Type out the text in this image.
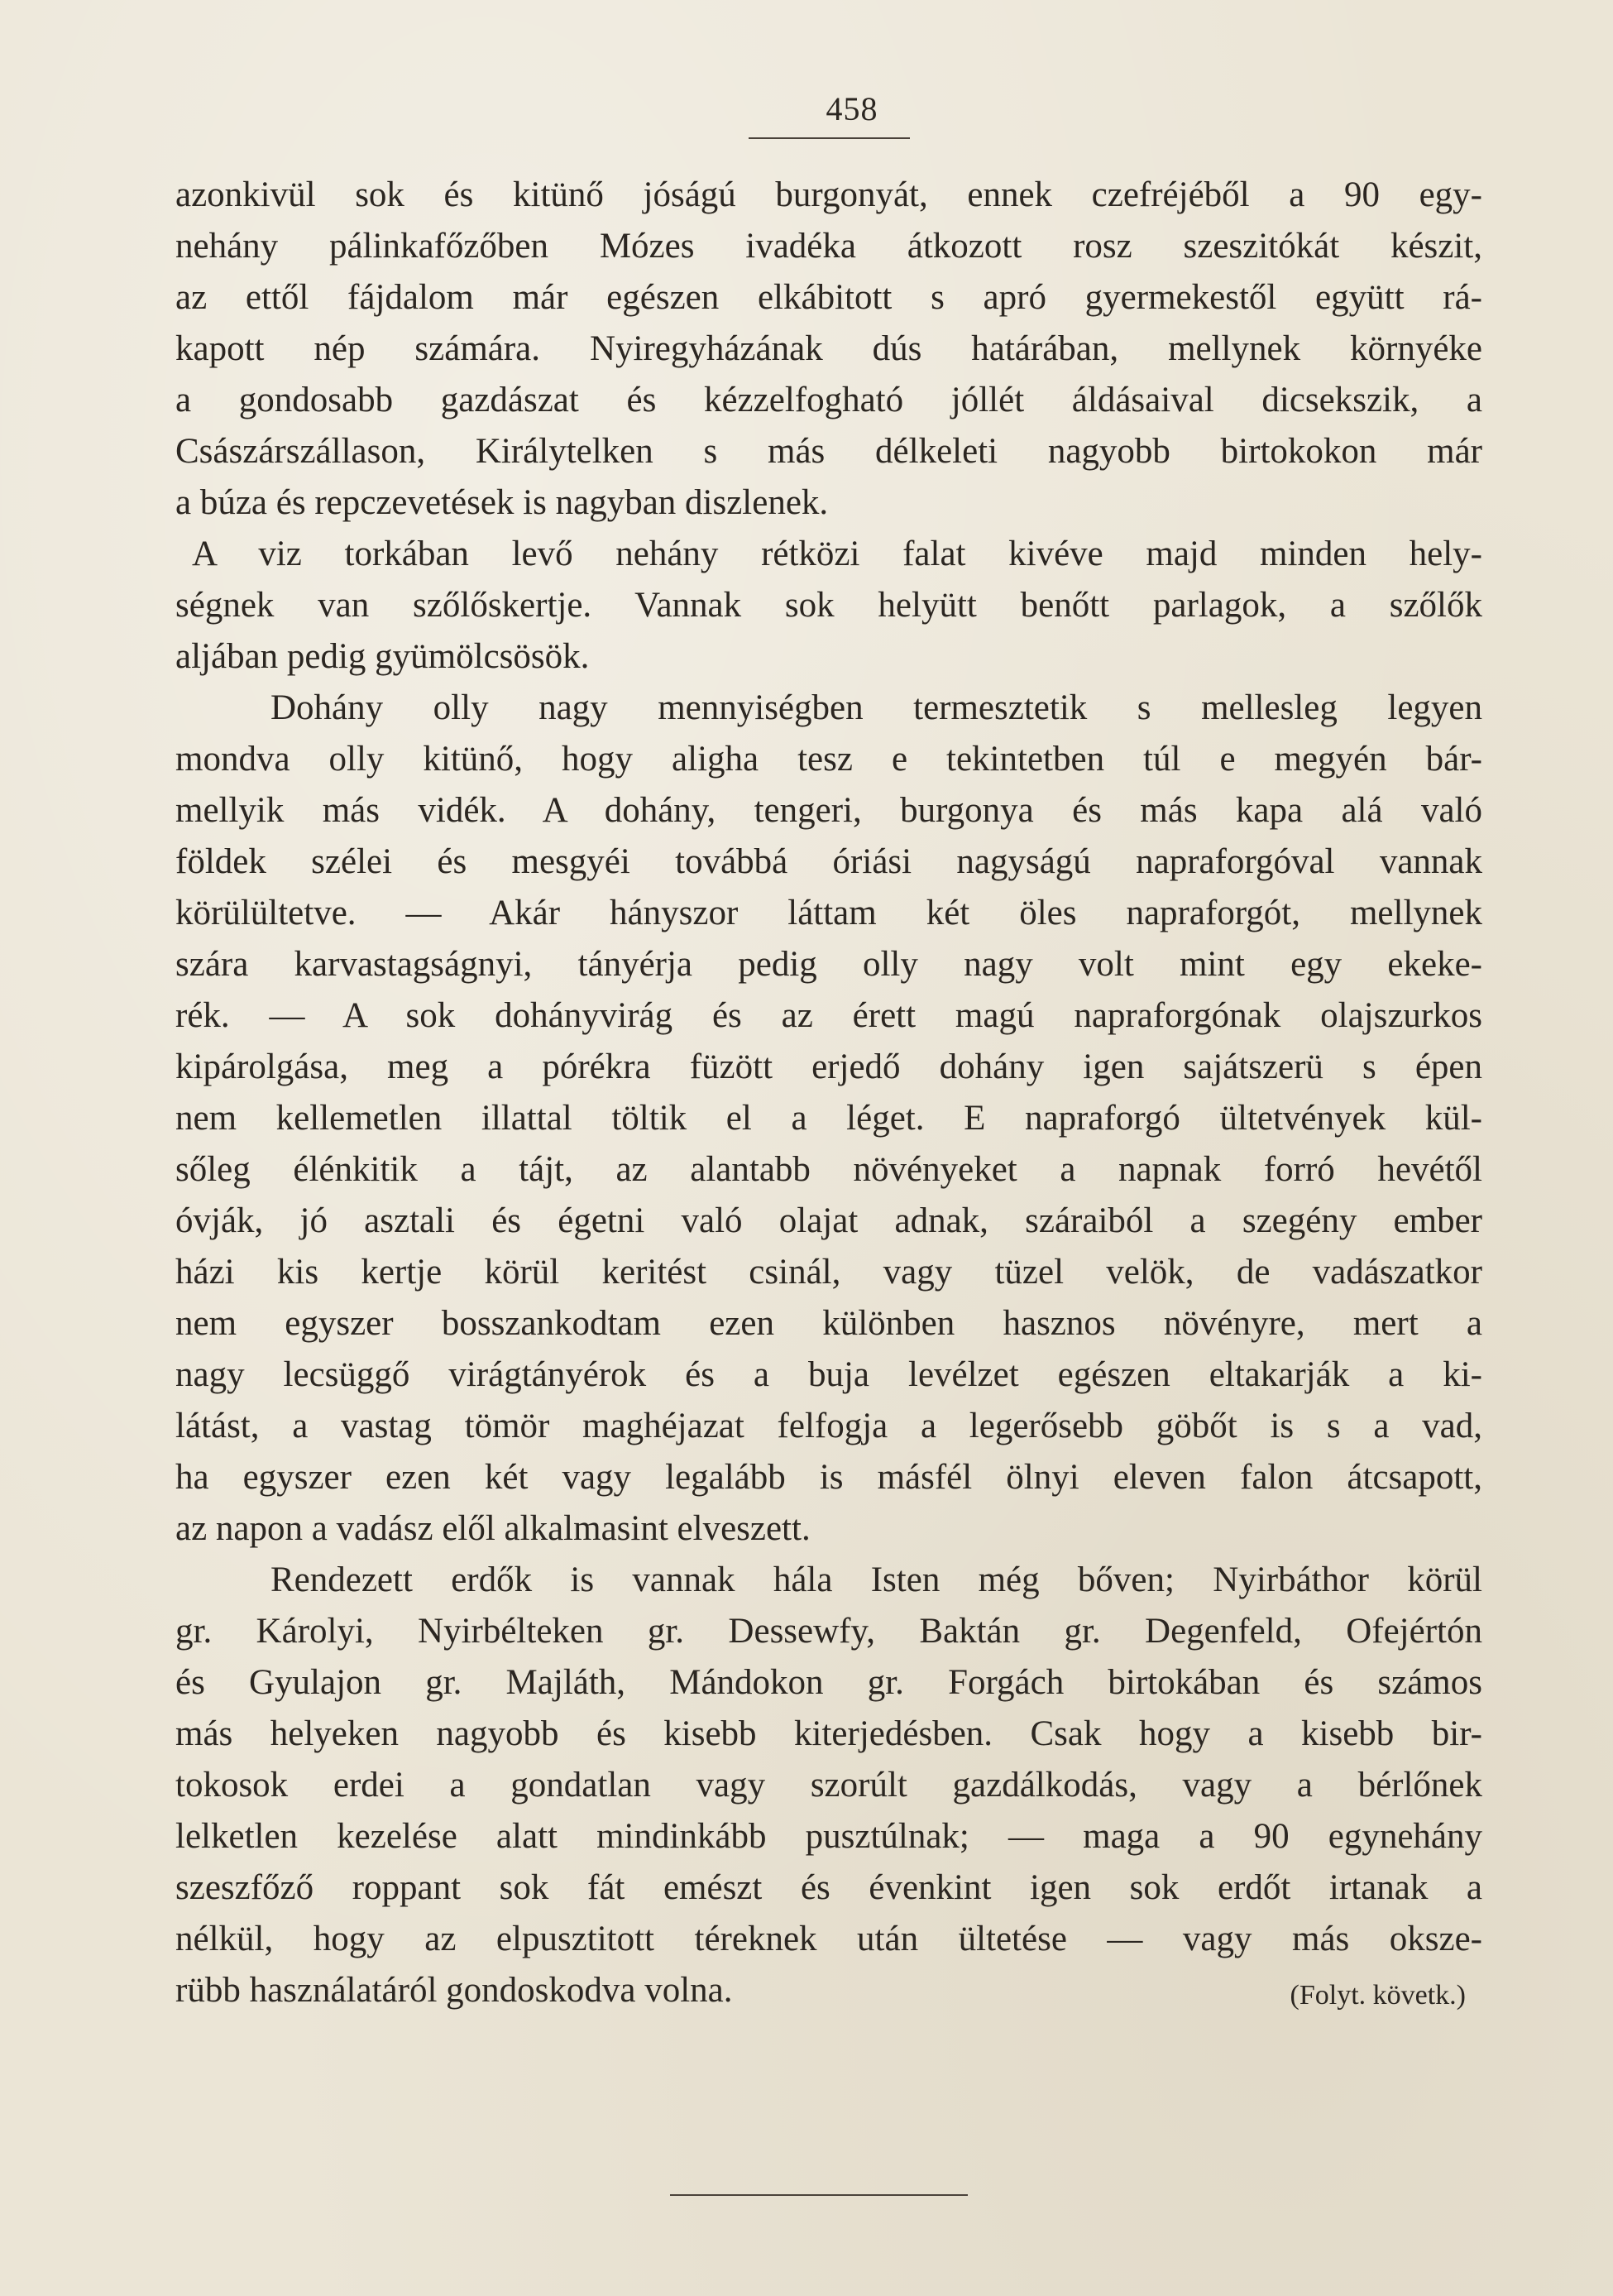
458
azonkivül sok és kitünő jóságú burgonyát, ennek czefréjéből a 90 egy-
nehány pálinkafőzőben Mózes ivadéka átkozott rosz szeszitókát készit,
az ettől fájdalom már egészen elkábitott s apró gyermekestől együtt rá-
kapott nép számára. Nyiregyházának dús határában, mellynek környéke
a gondosabb gazdászat és kézzelfogható jóllét áldásaival dicsekszik, a
Császárszállason, Királytelken s más délkeleti nagyobb birtokokon már
a búza és repczevetések is nagyban diszlenek.
A viz torkában levő nehány rétközi falat kivéve majd minden hely-
ségnek van szőlőskertje. Vannak sok helyütt benőtt parlagok, a szőlők
aljában pedig gyümölcsösök.
Dohány olly nagy mennyiségben termesztetik s mellesleg legyen
mondva olly kitünő, hogy aligha tesz e tekintetben túl e megyén bár-
mellyik más vidék. A dohány, tengeri, burgonya és más kapa alá való
földek szélei és mesgyéi továbbá óriási nagyságú napraforgóval vannak
körülültetve. — Akár hányszor láttam két öles napraforgót, mellynek
szára karvastagságnyi, tányérja pedig olly nagy volt mint egy ekeke-
rék. — A sok dohányvirág és az érett magú napraforgónak olajszurkos
kipárolgása, meg a pórékra füzött erjedő dohány igen sajátszerü s épen
nem kellemetlen illattal töltik el a léget. E napraforgó ültetvények kül-
sőleg élénkitik a tájt, az alantabb növényeket a napnak forró hevétől
óvják, jó asztali és égetni való olajat adnak, száraiból a szegény ember
házi kis kertje körül keritést csinál, vagy tüzel velök, de vadászatkor
nem egyszer bosszankodtam ezen különben hasznos növényre, mert a
nagy lecsüggő virágtányérok és a buja levélzet egészen eltakarják a ki-
látást, a vastag tömör maghéjazat felfogja a legerősebb göbőt is s a vad,
ha egyszer ezen két vagy legalább is másfél ölnyi eleven falon átcsapott,
az napon a vadász elől alkalmasint elveszett.
Rendezett erdők is vannak hála Isten még bőven; Nyirbáthor körül
gr. Károlyi, Nyirbélteken gr. Dessewfy, Baktán gr. Degenfeld, Ofejértón
és Gyulajon gr. Majláth, Mándokon gr. Forgách birtokában és számos
más helyeken nagyobb és kisebb kiterjedésben. Csak hogy a kisebb bir-
tokosok erdei a gondatlan vagy szorúlt gazdálkodás, vagy a bérlőnek
lelketlen kezelése alatt mindinkább pusztúlnak; — maga a 90 egynehány
szeszfőző roppant sok fát emészt és évenkint igen sok erdőt irtanak a
nélkül, hogy az elpusztitott téreknek után ültetése — vagy más oksze-
rübb használatáról gondoskodva volna.	(Folyt. követk.)
